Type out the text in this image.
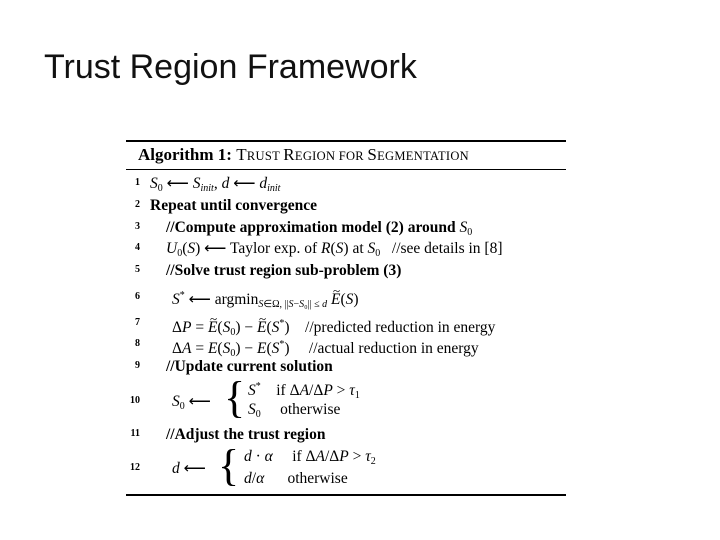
Trust Region Framework
Algorithm 1: TRUST REGION FOR SEGMENTATION
1
2
3
4
5
6
7
8
9
10
11
12
$S_0$ ⟵ $S_{init}$, d ⟵ $d_{init}$
Repeat until convergence
//Compute approximation model (2) around $S_0$
$U_0(S)$ ⟵ Taylor exp. of R(S) at $S_0$ //see details in [8]
//Solve trust region sub-problem (3)
S* ⟵ argmin$_{S\in\Omega, ||S-S_0|| \le d}$ ~ E(S)
ΔP = ~ $E(S_0)$ − ~ E(S*)    //predicted reduction in energy
$\Delta A = E(S_0) - E(S^*)$     //actual reduction in energy
//Update current solution
$S_0$ ⟵ { S* if $\Delta A/\Delta P > \tau_1$
$S_0$ otherwise
//Adjust the trust region
d ⟵ { d · α if $\Delta A/\Delta P > \tau_2$
d/α otherwise
